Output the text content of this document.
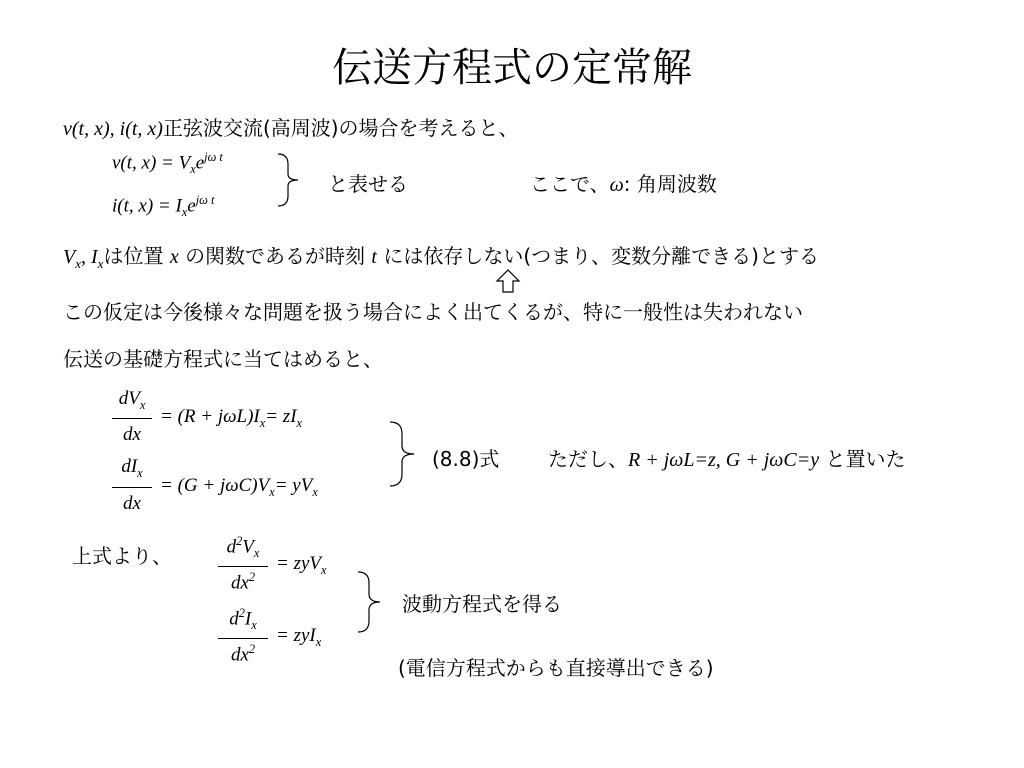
伝送方程式の定常解
v(t, x), i(t, x)正弦波交流(高周波)の場合を考えると、
v(t, $x) = V_xe^{j\omega t}$
i(t, $x) = I_xe^{j\omega t}$
と表せる	ここで、ω: 角周波数
$V_x$, $I_x$は位置 x の関数であるが時刻 t には依存しない(つまり、変数分離できる)とする
この仮定は今後様々な問題を扱う場合によく出てくるが、特に一般性は失われない
伝送の基礎方程式に当てはめると、
$dV_x$
dx
= $(R + j\omega L)I_x= zI_x$
$dI_x$
dx
= $(G + j\omega C)V_x= yV_x$
(8.8)式 ただし、R + jωL=z, G + jωC=y と置いた
上式より、	$d^2V_x$
$dx^2$
= zyV$_x$
$d^2I_x$
$dx^2$
= zyI$_x$
波動方程式を得る
(電信方程式からも直接導出できる)
